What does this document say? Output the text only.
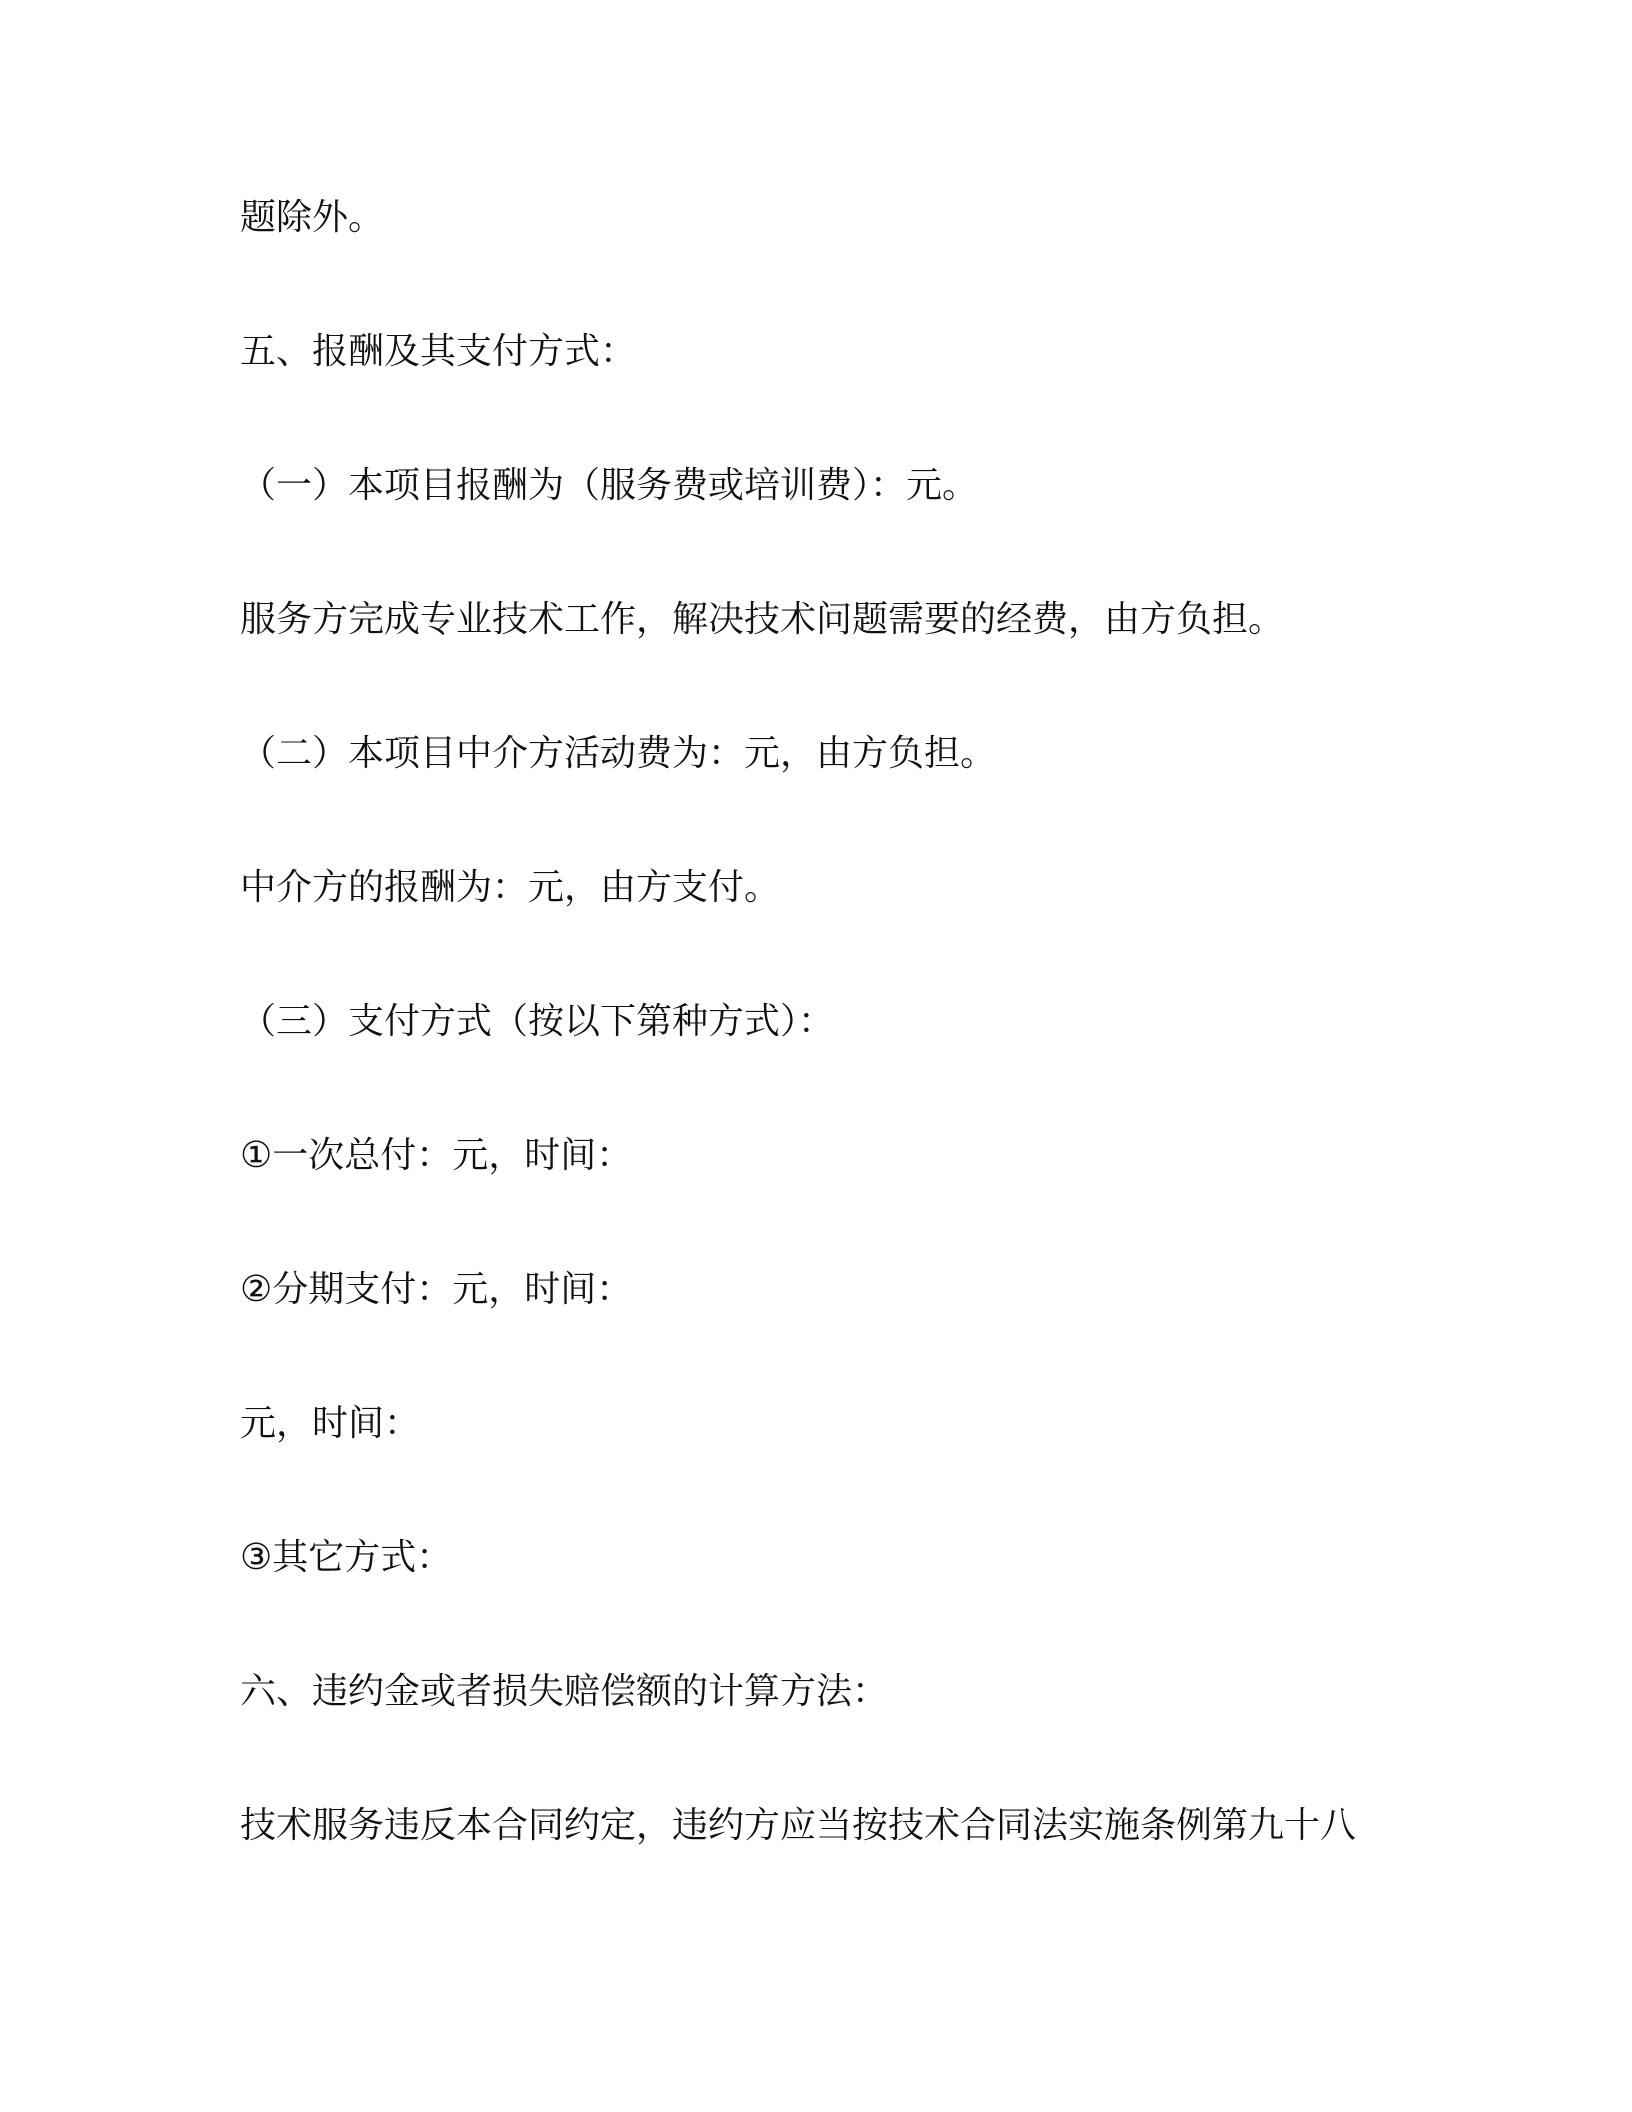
题除外。
五、报酬及其支付方式：
（一）本项目报酬为（服务费或培训费）：元。
服务方完成专业技术工作，解决技术问题需要的经费，由方负担。
（二）本项目中介方活动费为：元，由方负担。
中介方的报酬为：元，由方支付。
（三）支付方式（按以下第种方式）：
①一次总付：元，时间：
②分期支付：元，时间：
元，时间：
③其它方式：
六、违约金或者损失赔偿额的计算方法：
技术服务违反本合同约定，违约方应当按技术合同法实施条例第九十八
